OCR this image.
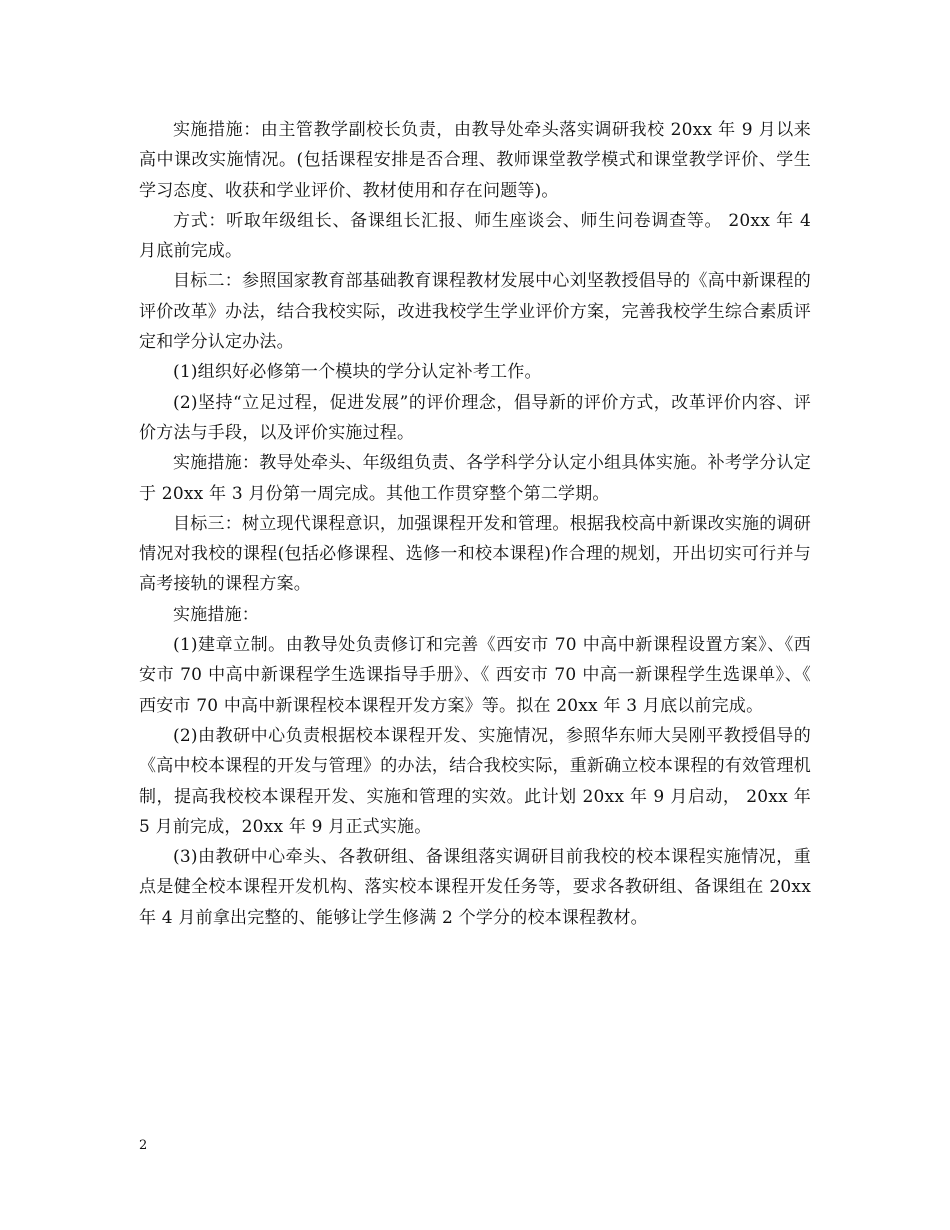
实施措施：由主管教学副校长负责，由教导处牵头落实调研我校 20xx 年 9 月以来高中课改实施情况。(包括课程安排是否合理、教师课堂教学模式和课堂教学评价、学生学习态度、收获和学业评价、教材使用和存在问题等)。

方式：听取年级组长、备课组长汇报、师生座谈会、师生问卷调查等。 20xx 年 4 月底前完成。

目标二：参照国家教育部基础教育课程教材发展中心刘坚教授倡导的《高中新课程的评价改革》办法，结合我校实际，改进我校学生学业评价方案，完善我校学生综合素质评定和学分认定办法。

(1)组织好必修第一个模块的学分认定补考工作。

(2)坚持“立足过程，促进发展”的评价理念，倡导新的评价方式，改革评价内容、评价方法与手段，以及评价实施过程。

实施措施：教导处牵头、年级组负责、各学科学分认定小组具体实施。补考学分认定于 20xx 年 3 月份第一周完成。其他工作贯穿整个第二学期。

目标三：树立现代课程意识，加强课程开发和管理。根据我校高中新课改实施的调研情况对我校的课程(包括必修课程、选修一和校本课程)作合理的规划，开出切实可行并与高考接轨的课程方案。

实施措施：

(1)建章立制。由教导处负责修订和完善《西安市 70 中高中新课程设置方案》、《西安市 70 中高中新课程学生选课指导手册》、《 西安市 70 中高一新课程学生选课单》、《 西安市 70 中高中新课程校本课程开发方案》等。拟在 20xx 年 3 月底以前完成。

(2)由教研中心负责根据校本课程开发、实施情况，参照华东师大吴刚平教授倡导的《高中校本课程的开发与管理》的办法，结合我校实际，重新确立校本课程的有效管理机制，提高我校校本课程开发、实施和管理的实效。此计划 20xx 年 9 月启动， 20xx 年 5 月前完成，20xx 年 9 月正式实施。

(3)由教研中心牵头、各教研组、备课组落实调研目前我校的校本课程实施情况，重点是健全校本课程开发机构、落实校本课程开发任务等，要求各教研组、备课组在 20xx 年 4 月前拿出完整的、能够让学生修满 2 个学分的校本课程教材。

2
